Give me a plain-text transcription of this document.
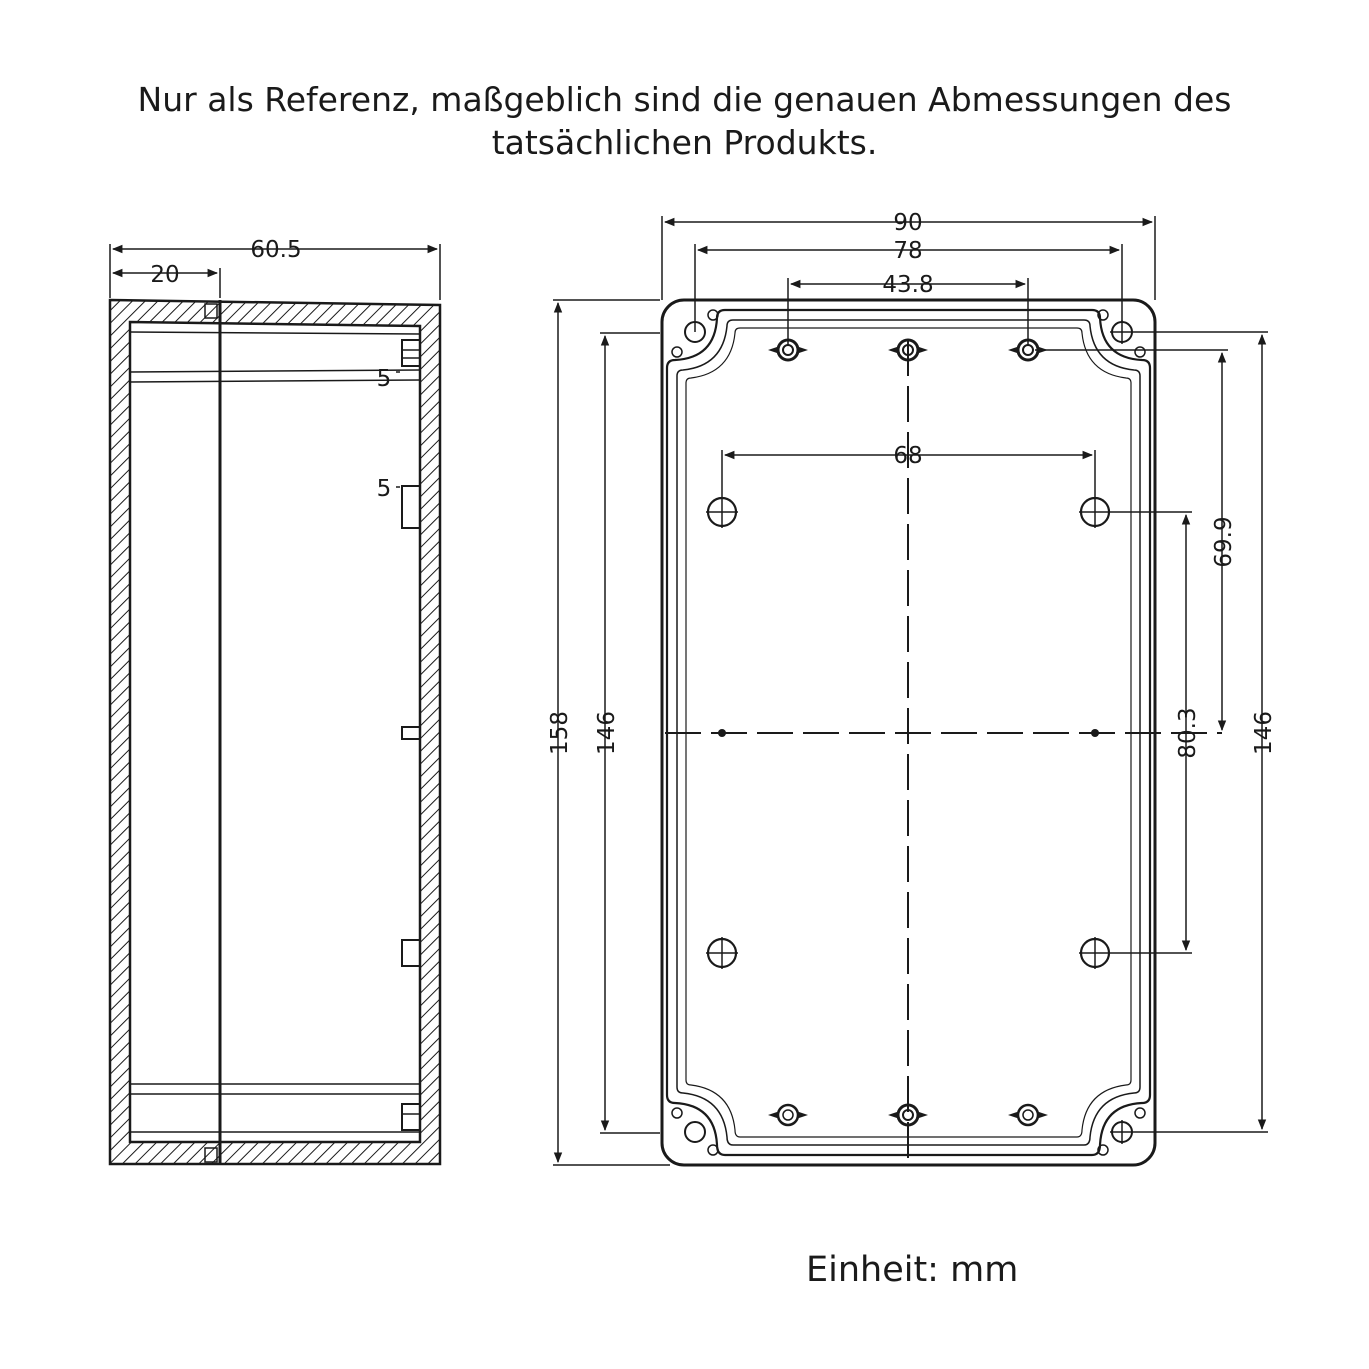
Nur als Referenz, maßgeblich sind die genauen Abmessungen des
tatsächlichen Produkts.
60.5
20
5
5
90
78
43.8
68
158 146
69.9
80.3 146
Einheit: mm
